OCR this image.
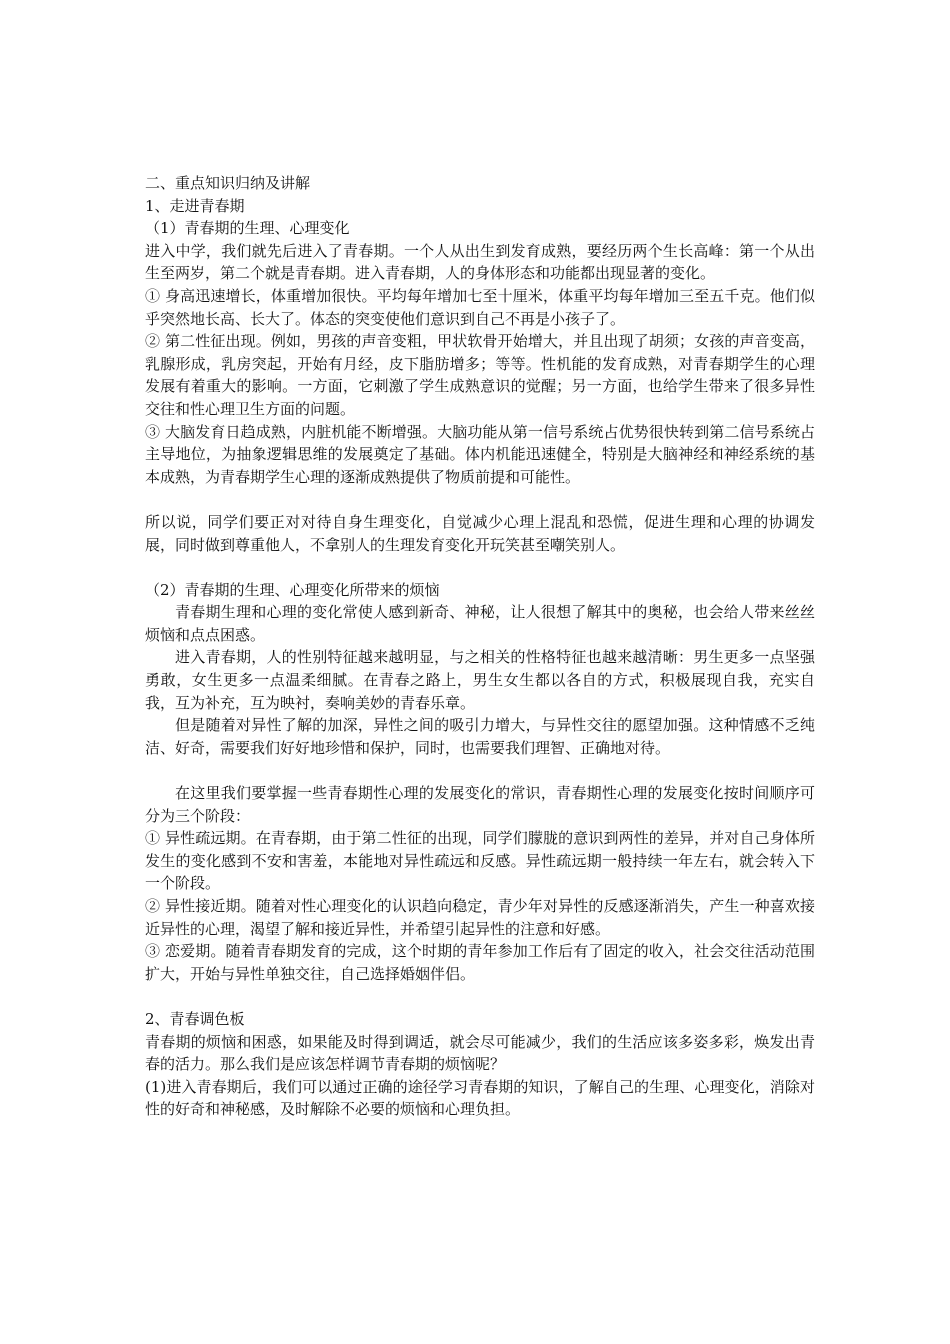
二、重点知识归纳及讲解

1、走进青春期

（1）青春期的生理、心理变化

进入中学，我们就先后进入了青春期。一个人从出生到发育成熟，要经历两个生长高峰：第一个从出生至两岁，第二个就是青春期。进入青春期，人的身体形态和功能都出现显著的变化。

① 身高迅速增长，体重增加很快。平均每年增加七至十厘米，体重平均每年增加三至五千克。他们似乎突然地长高、长大了。体态的突变使他们意识到自己不再是小孩子了。

② 第二性征出现。例如，男孩的声音变粗，甲状软骨开始增大，并且出现了胡须；女孩的声音变高，乳腺形成，乳房突起，开始有月经，皮下脂肪增多；等等。性机能的发育成熟，对青春期学生的心理发展有着重大的影响。一方面，它刺激了学生成熟意识的觉醒；另一方面，也给学生带来了很多异性交往和性心理卫生方面的问题。

③ 大脑发育日趋成熟，内脏机能不断增强。大脑功能从第一信号系统占优势很快转到第二信号系统占主导地位，为抽象逻辑思维的发展奠定了基础。体内机能迅速健全，特别是大脑神经和神经系统的基本成熟，为青春期学生心理的逐渐成熟提供了物质前提和可能性。

所以说，同学们要正对对待自身生理变化，自觉减少心理上混乱和恐慌，促进生理和心理的协调发展，同时做到尊重他人，不拿别人的生理发育变化开玩笑甚至嘲笑别人。

（2）青春期的生理、心理变化所带来的烦恼

青春期生理和心理的变化常使人感到新奇、神秘，让人很想了解其中的奥秘，也会给人带来丝丝烦恼和点点困惑。

进入青春期，人的性别特征越来越明显，与之相关的性格特征也越来越清晰：男生更多一点坚强勇敢，女生更多一点温柔细腻。在青春之路上，男生女生都以各自的方式，积极展现自我，充实自我，互为补充，互为映衬，奏响美妙的青春乐章。

但是随着对异性了解的加深，异性之间的吸引力增大，与异性交往的愿望加强。这种情感不乏纯洁、好奇，需要我们好好地珍惜和保护，同时，也需要我们理智、正确地对待。

在这里我们要掌握一些青春期性心理的发展变化的常识，青春期性心理的发展变化按时间顺序可分为三个阶段：

① 异性疏远期。在青春期，由于第二性征的出现，同学们朦胧的意识到两性的差异，并对自己身体所发生的变化感到不安和害羞，本能地对异性疏远和反感。异性疏远期一般持续一年左右，就会转入下一个阶段。

② 异性接近期。随着对性心理变化的认识趋向稳定，青少年对异性的反感逐渐消失，产生一种喜欢接近异性的心理，渴望了解和接近异性，并希望引起异性的注意和好感。

③ 恋爱期。随着青春期发育的完成，这个时期的青年参加工作后有了固定的收入，社会交往活动范围扩大，开始与异性单独交往，自己选择婚姻伴侣。

2、青春调色板

青春期的烦恼和困惑，如果能及时得到调适，就会尽可能减少，我们的生活应该多姿多彩，焕发出青春的活力。那么我们是应该怎样调节青春期的烦恼呢？

(1)进入青春期后，我们可以通过正确的途径学习青春期的知识，了解自己的生理、心理变化，消除对性的好奇和神秘感，及时解除不必要的烦恼和心理负担。
